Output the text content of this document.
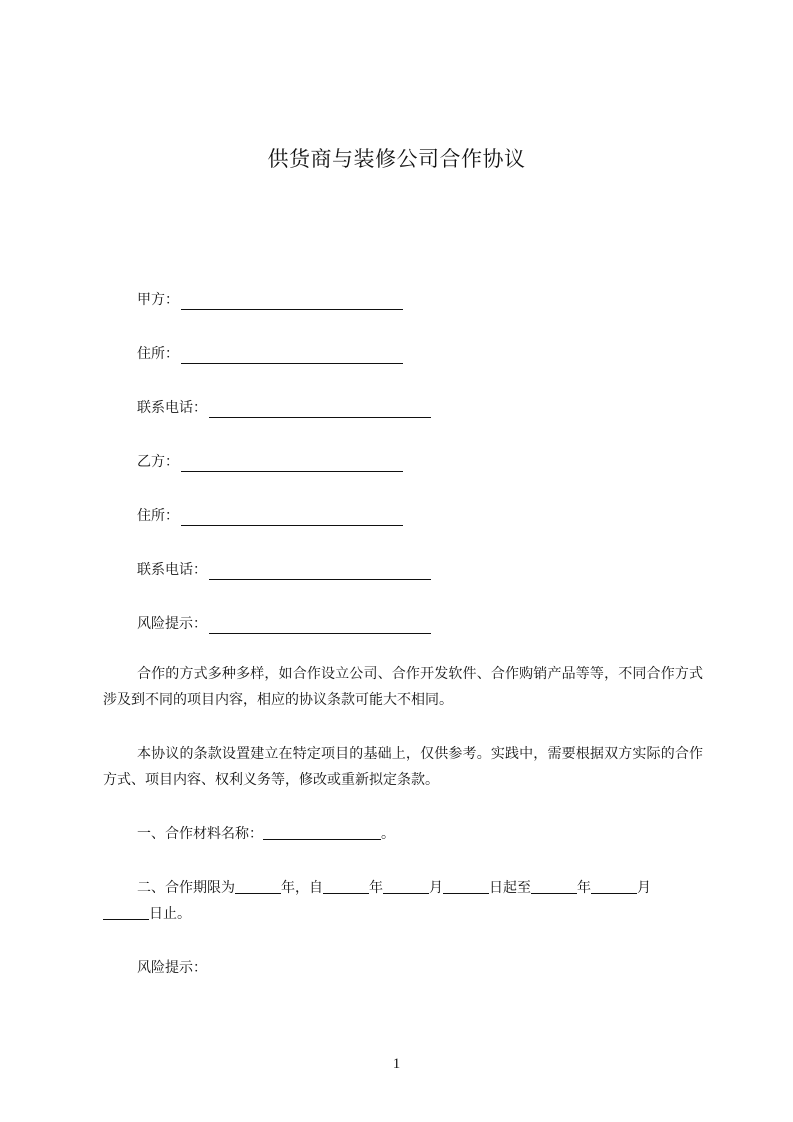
供货商与装修公司合作协议
甲方：
住所：
联系电话：
乙方：
住所：
联系电话：
风险提示：
合作的方式多种多样，如合作设立公司、合作开发软件、合作购销产品等等，不同合作方式涉及到不同的项目内容，相应的协议条款可能大不相同。
本协议的条款设置建立在特定项目的基础上，仅供参考。实践中，需要根据双方实际的合作方式、项目内容、权利义务等，修改或重新拟定条款。
一、合作材料名称：	。
二、合作期限为	年，自	年	月	日起至	年	月
日止。
风险提示：
1
